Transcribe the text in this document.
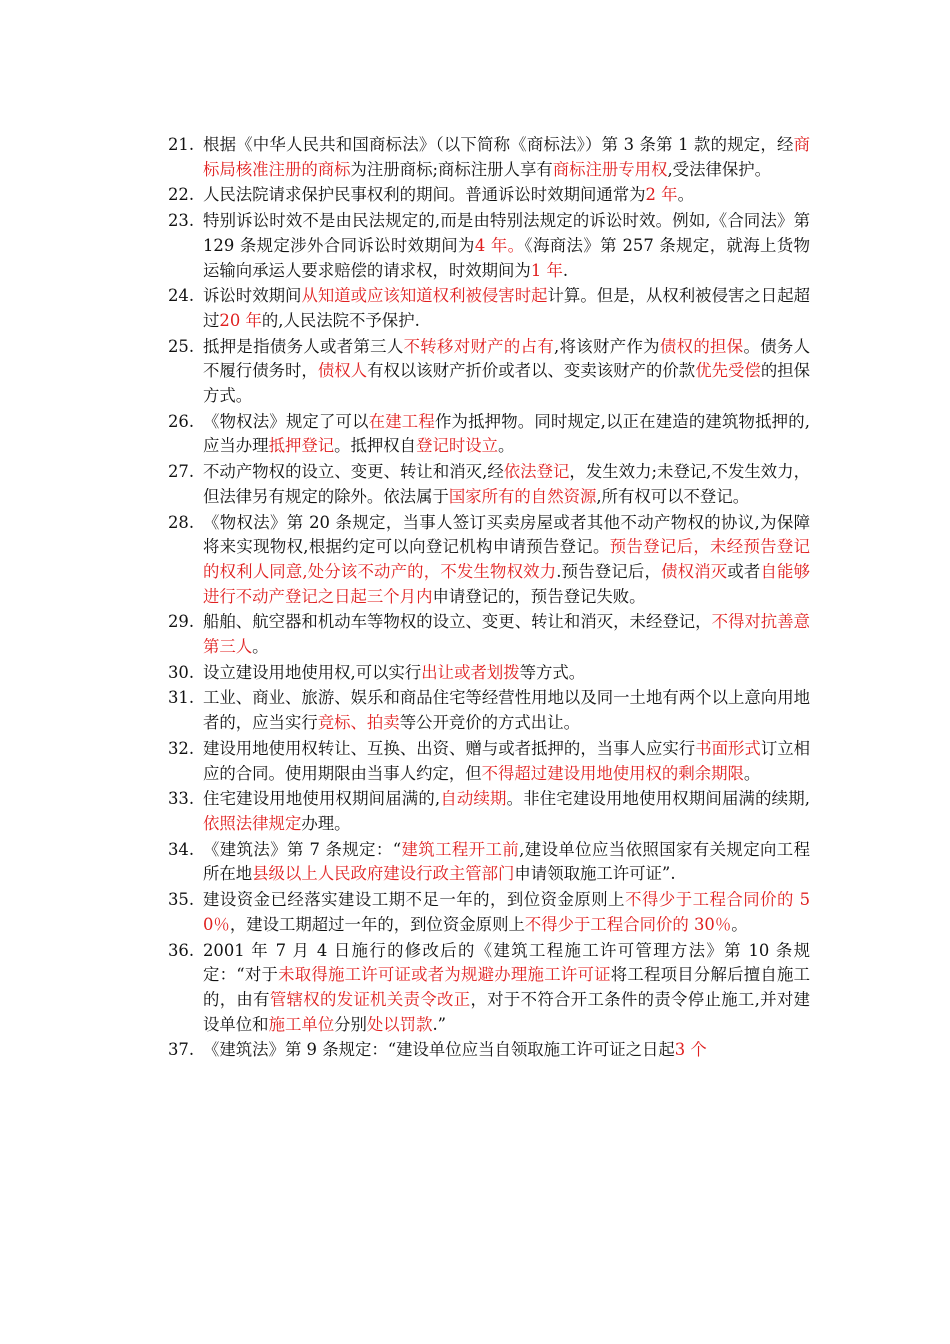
21. 根据《中华人民共和国商标法》（以下简称《商标法》）第 3 条第 1 款的规定，经商标局核准注册的商标为注册商标;商标注册人享有商标注册专用权,受法律保护。
22. 人民法院请求保护民事权利的期间。普通诉讼时效期间通常为2 年。
23. 特别诉讼时效不是由民法规定的,而是由特别法规定的诉讼时效。例如,《合同法》第 129 条规定涉外合同诉讼时效期间为4 年。《海商法》第 257 条规定，就海上货物运输向承运人要求赔偿的请求权，时效期间为1 年.
24. 诉讼时效期间从知道或应该知道权利被侵害时起计算。但是，从权利被侵害之日起超过20 年的,人民法院不予保护.
25. 抵押是指债务人或者第三人不转移对财产的占有,将该财产作为债权的担保。债务人不履行债务时，债权人有权以该财产折价或者以、变卖该财产的价款优先受偿的担保方式。
26. 《物权法》规定了可以在建工程作为抵押物。同时规定,以正在建造的建筑物抵押的,应当办理抵押登记。抵押权自登记时设立。
27. 不动产物权的设立、变更、转让和消灭,经依法登记，发生效力;未登记,不发生效力，但法律另有规定的除外。依法属于国家所有的自然资源,所有权可以不登记。
28. 《物权法》第 20 条规定，当事人签订买卖房屋或者其他不动产物权的协议,为保障将来实现物权,根据约定可以向登记机构申请预告登记。预告登记后，未经预告登记的权利人同意,处分该不动产的，不发生物权效力.预告登记后，债权消灭或者自能够进行不动产登记之日起三个月内申请登记的，预告登记失败。
29. 船舶、航空器和机动车等物权的设立、变更、转让和消灭，未经登记，不得对抗善意第三人。
30. 设立建设用地使用权,可以实行出让或者划拨等方式。
31. 工业、商业、旅游、娱乐和商品住宅等经营性用地以及同一土地有两个以上意向用地者的，应当实行竞标、拍卖等公开竞价的方式出让。
32. 建设用地使用权转让、互换、出资、赠与或者抵押的，当事人应实行书面形式订立相应的合同。使用期限由当事人约定，但不得超过建设用地使用权的剩余期限。
33. 住宅建设用地使用权期间届满的,自动续期。非住宅建设用地使用权期间届满的续期,依照法律规定办理。
34. 《建筑法》第 7 条规定：“建筑工程开工前,建设单位应当依照国家有关规定向工程所在地县级以上人民政府建设行政主管部门申请领取施工许可证”.
35. 建设资金已经落实建设工期不足一年的，到位资金原则上不得少于工程合同价的 50％，建设工期超过一年的，到位资金原则上不得少于工程合同价的 30％。
36. 2001 年 7 月 4 日施行的修改后的《建筑工程施工许可管理方法》第 10 条规定：“对于未取得施工许可证或者为规避办理施工许可证将工程项目分解后擅自施工的，由有管辖权的发证机关责令改正，对于不符合开工条件的责令停止施工,并对建设单位和施工单位分别处以罚款.”
37. 《建筑法》第 9 条规定：“建设单位应当自领取施工许可证之日起3 个
